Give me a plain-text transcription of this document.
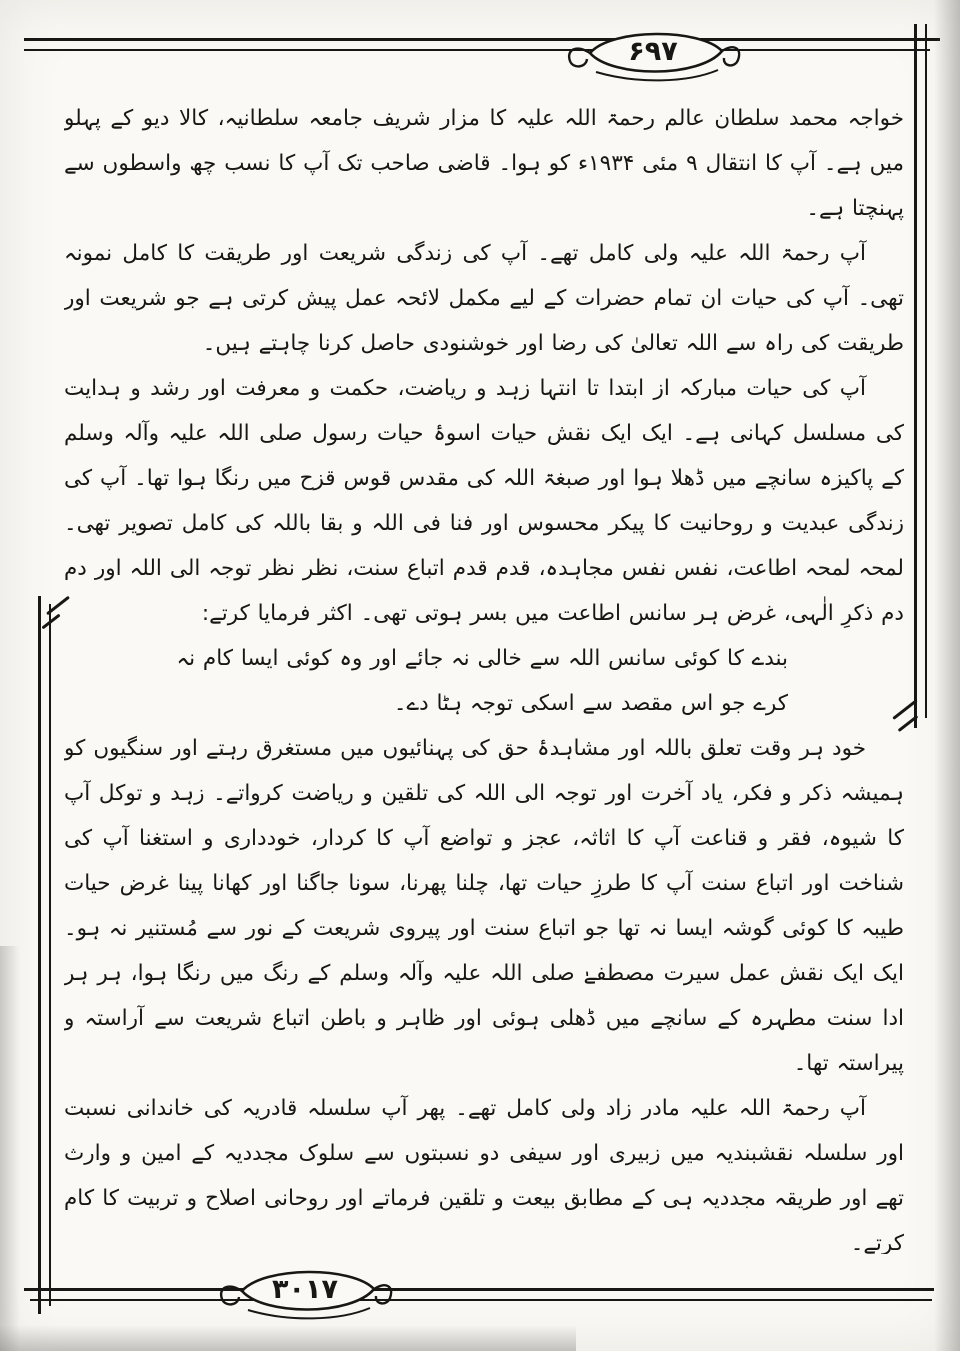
۶۹۷

خواجہ محمد سلطان عالم رحمۃ اللہ علیہ کا مزار شریف جامعہ سلطانیہ، کالا دیو کے پہلو میں ہے۔ آپ کا انتقال ۹ مئی ۱۹۳۴ء کو ہوا۔ قاضی صاحب تک آپ کا نسب چھ واسطوں سے پہنچتا ہے۔

آپ رحمۃ اللہ علیہ ولی کامل تھے۔ آپ کی زندگی شریعت اور طریقت کا کامل نمونہ تھی۔ آپ کی حیات ان تمام حضرات کے لیے مکمل لائحہ عمل پیش کرتی ہے جو شریعت اور طریقت کی راہ سے اللہ تعالیٰ کی رضا اور خوشنودی حاصل کرنا چاہتے ہیں۔

آپ کی حیات مبارکہ از ابتدا تا انتہا زہد و ریاضت، حکمت و معرفت اور رشد و ہدایت کی مسلسل کہانی ہے۔ ایک ایک نقش حیات اسوۂ حیات رسول صلی اللہ علیہ وآلہ وسلم کے پاکیزہ سانچے میں ڈھلا ہوا اور صبغۃ اللہ کی مقدس قوس قزح میں رنگا ہوا تھا۔ آپ کی زندگی عبدیت و روحانیت کا پیکر محسوس اور فنا فی اللہ و بقا باللہ کی کامل تصویر تھی۔ لمحہ لمحہ اطاعت، نفس نفس مجاہدہ، قدم قدم اتباع سنت، نظر نظر توجہ الی اللہ اور دم دم ذکرِ الٰہی، غرض ہر سانس اطاعت میں بسر ہوتی تھی۔ اکثر فرمایا کرتے:

بندے کا کوئی سانس اللہ سے خالی نہ جائے اور وہ کوئی ایسا کام نہ کرے جو اس مقصد سے اسکی توجہ ہٹا دے۔

خود ہر وقت تعلق باللہ اور مشاہدۂ حق کی پہنائیوں میں مستغرق رہتے اور سنگیوں کو ہمیشہ ذکر و فکر، یاد آخرت اور توجہ الی اللہ کی تلقین و ریاضت کرواتے۔ زہد و توکل آپ کا شیوہ، فقر و قناعت آپ کا اثاثہ، عجز و تواضع آپ کا کردار، خودداری و استغنا آپ کی شناخت اور اتباع سنت آپ کا طرزِ حیات تھا، چلنا پھرنا، سونا جاگنا اور کھانا پینا غرض حیات طیبہ کا کوئی گوشہ ایسا نہ تھا جو اتباع سنت اور پیروی شریعت کے نور سے مُستنیر نہ ہو۔ ایک ایک نقش عمل سیرت مصطفےٰ صلی اللہ علیہ وآلہ وسلم کے رنگ میں رنگا ہوا، ہر ہر ادا سنت مطہرہ کے سانچے میں ڈھلی ہوئی اور ظاہر و باطن اتباع شریعت سے آراستہ و پیراستہ تھا۔

آپ رحمۃ اللہ علیہ مادر زاد ولی کامل تھے۔ پھر آپ سلسلہ قادریہ کی خاندانی نسبت اور سلسلہ نقشبندیہ میں زبیری اور سیفی دو نسبتوں سے سلوک مجددیہ کے امین و وارث تھے اور طریقہ مجددیہ ہی کے مطابق بیعت و تلقین فرماتے اور روحانی اصلاح و تربیت کا کام کرتے۔

۳۰۱۷
